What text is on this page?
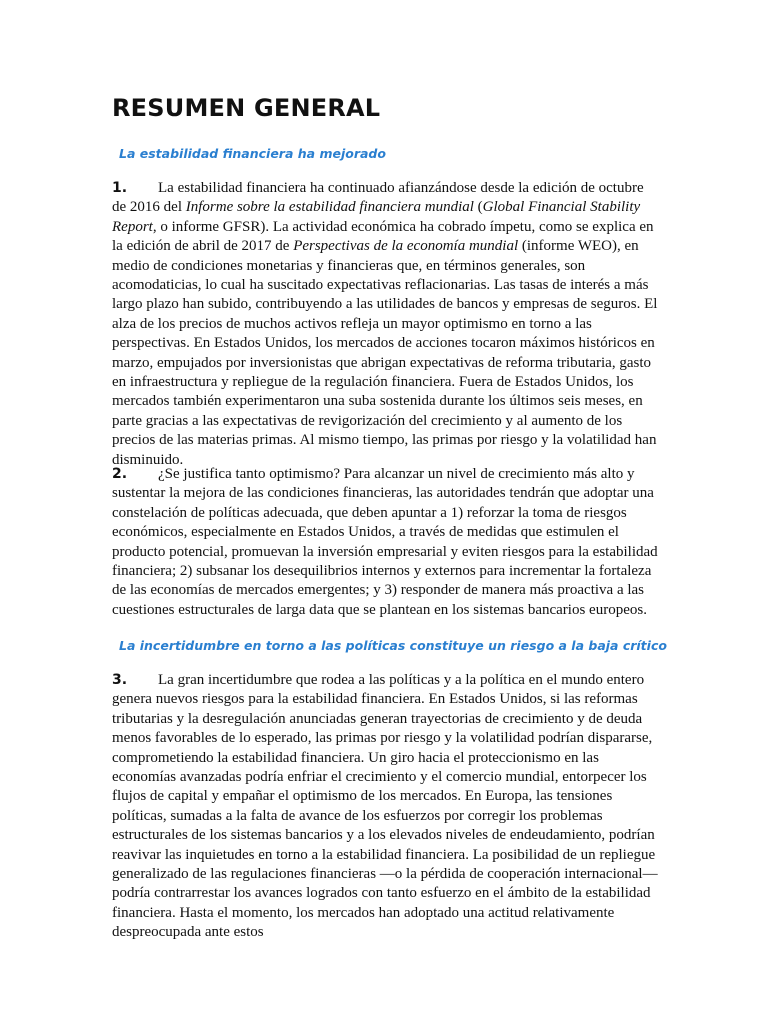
RESUMEN GENERAL
La estabilidad financiera ha mejorado

1. La estabilidad financiera ha continuado afianzándose desde la edición de octubre de 2016 del Informe sobre la estabilidad financiera mundial (Global Financial Stability Report, o informe GFSR). La actividad económica ha cobrado ímpetu, como se explica en la edición de abril de 2017 de Perspectivas de la economía mundial (informe WEO), en medio de condiciones monetarias y financieras que, en términos generales, son acomodaticias, lo cual ha suscitado expectativas reflacionarias. Las tasas de interés a más largo plazo han subido, contribuyendo a las utilidades de bancos y empresas de seguros. El alza de los precios de muchos activos refleja un mayor optimismo en torno a las perspectivas. En Estados Unidos, los mercados de acciones tocaron máximos históricos en marzo, empujados por inversionistas que abrigan expectativas de reforma tributaria, gasto en infraestructura y repliegue de la regulación financiera. Fuera de Estados Unidos, los mercados también experimentaron una suba sostenida durante los últimos seis meses, en parte gracias a las expectativas de revigorización del crecimiento y al aumento de los precios de las materias primas. Al mismo tiempo, las primas por riesgo y la volatilidad han disminuido.

2. ¿Se justifica tanto optimismo? Para alcanzar un nivel de crecimiento más alto y sustentar la mejora de las condiciones financieras, las autoridades tendrán que adoptar una constelación de políticas adecuada, que deben apuntar a 1) reforzar la toma de riesgos económicos, especialmente en Estados Unidos, a través de medidas que estimulen el producto potencial, promuevan la inversión empresarial y eviten riesgos para la estabilidad financiera; 2) subsanar los desequilibrios internos y externos para incrementar la fortaleza de las economías de mercados emergentes; y 3) responder de manera más proactiva a las cuestiones estructurales de larga data que se plantean en los sistemas bancarios europeos.

La incertidumbre en torno a las políticas constituye un riesgo a la baja crítico

3. La gran incertidumbre que rodea a las políticas y a la política en el mundo entero genera nuevos riesgos para la estabilidad financiera. En Estados Unidos, si las reformas tributarias y la desregulación anunciadas generan trayectorias de crecimiento y de deuda menos favorables de lo esperado, las primas por riesgo y la volatilidad podrían dispararse, comprometiendo la estabilidad financiera. Un giro hacia el proteccionismo en las economías avanzadas podría enfriar el crecimiento y el comercio mundial, entorpecer los flujos de capital y empañar el optimismo de los mercados. En Europa, las tensiones políticas, sumadas a la falta de avance de los esfuerzos por corregir los problemas estructurales de los sistemas bancarios y a los elevados niveles de endeudamiento, podrían reavivar las inquietudes en torno a la estabilidad financiera. La posibilidad de un repliegue generalizado de las regulaciones financieras —o la pérdida de cooperación internacional— podría contrarrestar los avances logrados con tanto esfuerzo en el ámbito de la estabilidad financiera. Hasta el momento, los mercados han adoptado una actitud relativamente despreocupada ante estos
